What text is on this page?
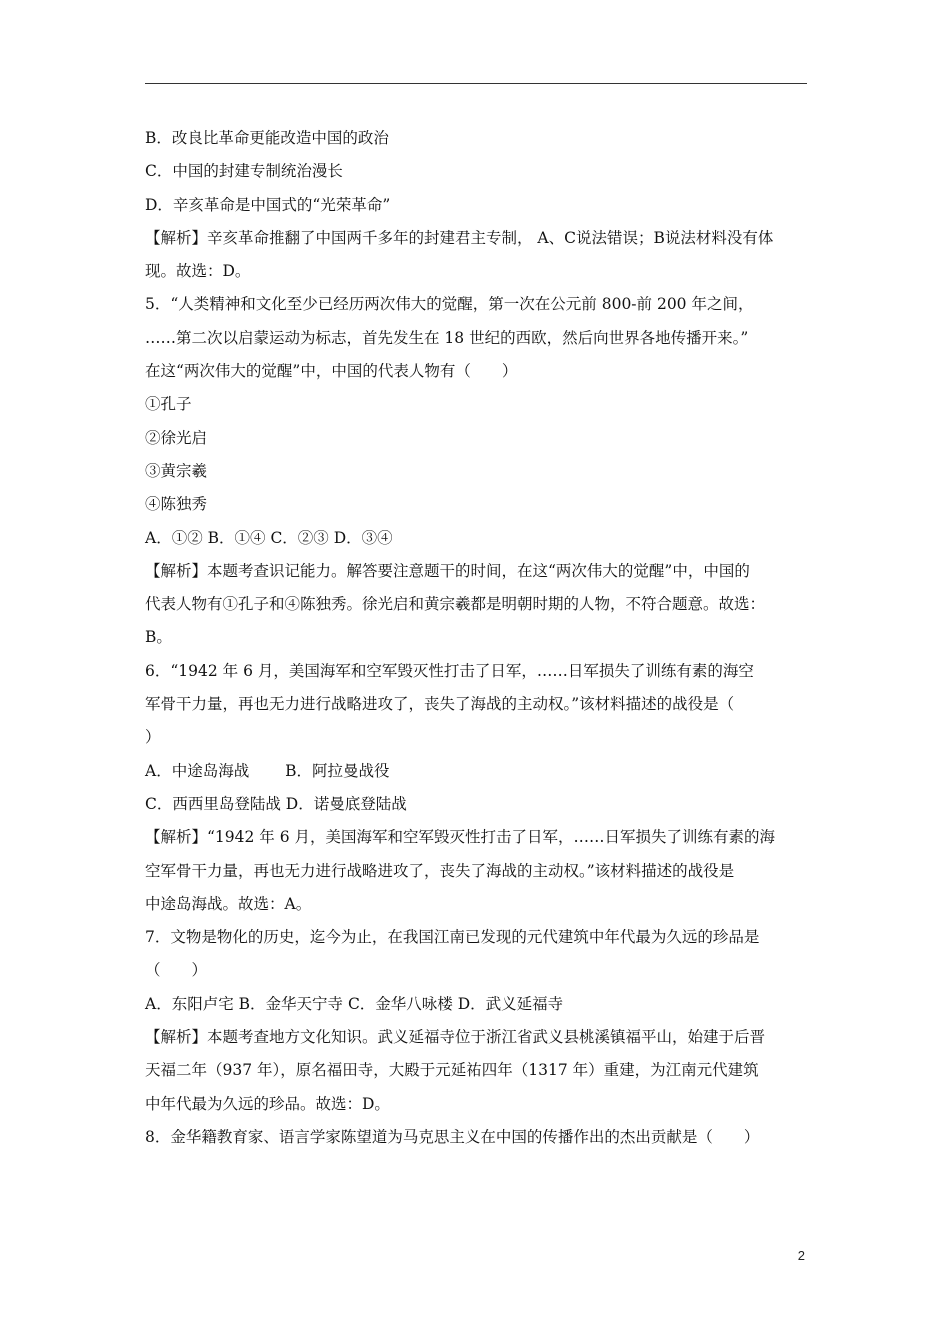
B．改良比革命更能改造中国的政治
C．中国的封建专制统治漫长
D．辛亥革命是中国式的“光荣革命”
【解析】辛亥革命推翻了中国两千多年的封建君主专制， A、C说法错误；B说法材料没有体
现。故选：D。
5．“人类精神和文化至少已经历两次伟大的觉醒，第一次在公元前 800-前 200 年之间，
……第二次以启蒙运动为标志，首先发生在 18 世纪的西欧，然后向世界各地传播开来。”
在这“两次伟大的觉醒”中，中国的代表人物有（　　）
①孔子
②徐光启
③黄宗羲
④陈独秀
A．①② B．①④ C．②③ D．③④
【解析】本题考查识记能力。解答要注意题干的时间，在这“两次伟大的觉醒”中，中国的
代表人物有①孔子和④陈独秀。徐光启和黄宗羲都是明朝时期的人物，不符合题意。故选：
B。
6．“1942 年 6 月，美国海军和空军毁灭性打击了日军，……日军损失了训练有素的海空
军骨干力量，再也无力进行战略进攻了，丧失了海战的主动权。”该材料描述的战役是（
）
A．中途岛海战　　 B．阿拉曼战役
C．西西里岛登陆战 D．诺曼底登陆战
【解析】“1942 年 6 月，美国海军和空军毁灭性打击了日军，……日军损失了训练有素的海
空军骨干力量，再也无力进行战略进攻了，丧失了海战的主动权。”该材料描述的战役是
中途岛海战。故选：A。
7．文物是物化的历史，迄今为止，在我国江南已发现的元代建筑中年代最为久远的珍品是
（　　）
A．东阳卢宅 B．金华天宁寺 C．金华八咏楼 D．武义延福寺
【解析】本题考查地方文化知识。武义延福寺位于浙江省武义县桃溪镇福平山，始建于后晋
天福二年（937 年），原名福田寺，大殿于元延祐四年（1317 年）重建，为江南元代建筑
中年代最为久远的珍品。故选：D。
8．金华籍教育家、语言学家陈望道为马克思主义在中国的传播作出的杰出贡献是（　　）
2
